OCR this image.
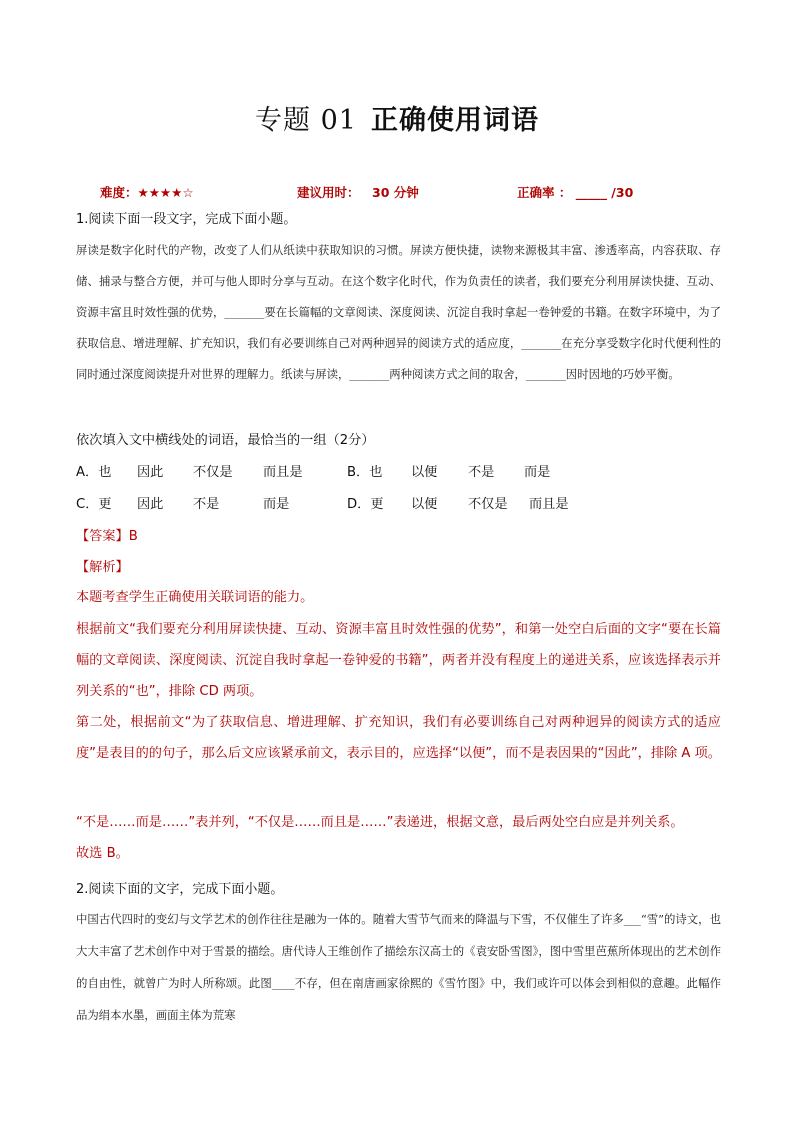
专题 01 正确使用词语
难度：★★★★☆	建议用时： 30 分钟	正确率 ： _____ /30
1.阅读下面一段文字，完成下面小题。
屏读是数字化时代的产物，改变了人们从纸读中获取知识的习惯。屏读方便快捷，读物来源极其丰富、渗透率高，内容获取、存储、捕录与整合方便，并可与他人即时分享与互动。在这个数字化时代，作为负责任的读者，我们要充分利用屏读快捷、互动、资源丰富且时效性强的优势，_______要在长篇幅的文章阅读、深度阅读、沉淀自我时拿起一卷钟爱的书籍。在数字环境中，为了获取信息、增进理解、扩充知识，我们有必要训练自己对两种迥异的阅读方式的适应度，_______在充分享受数字化时代便利性的同时通过深度阅读提升对世界的理解力。纸读与屏读，_______两种阅读方式之间的取舍，_______因时因地的巧妙平衡。
依次填入文中横线处的词语，最恰当的一组（2分）
A．也 因此 不仅是 而且是	B．也 以便 不是 而是
C．更 因此 不是	而是	D．更 以便 不仅是 而且是
【答案】B
【解析】
本题考查学生正确使用关联词语的能力。
根据前文“我们要充分利用屏读快捷、互动、资源丰富且时效性强的优势”，和第一处空白后面的文字“要在长篇幅的文章阅读、深度阅读、沉淀自我时拿起一卷钟爱的书籍”，两者并没有程度上的递进关系，应该选择表示并列关系的“也”，排除 CD 两项。
第二处，根据前文“为了获取信息、增进理解、扩充知识，我们有必要训练自己对两种迥异的阅读方式的适应度”是表目的的句子，那么后文应该紧承前文，表示目的，应选择“以便”，而不是表因果的“因此”，排除 A 项。
“不是……而是……”表并列，“不仅是……而且是……”表递进，根据文意，最后两处空白应是并列关系。
故选 B。
2.阅读下面的文字，完成下面小题。
中国古代四时的变幻与文学艺术的创作往往是融为一体的。随着大雪节气而来的降温与下雪，不仅催生了许多___“雪”的诗文，也大大丰富了艺术创作中对于雪景的描绘。唐代诗人王维创作了描绘东汉高士的《袁安卧雪图》，图中雪里芭蕉所体现出的艺术创作的自由性，就曾广为时人所称颂。此图____不存，但在南唐画家徐熙的《雪竹图》中，我们或许可以体会到相似的意趣。此幅作品为绢本水墨，画面主体为荒寒
